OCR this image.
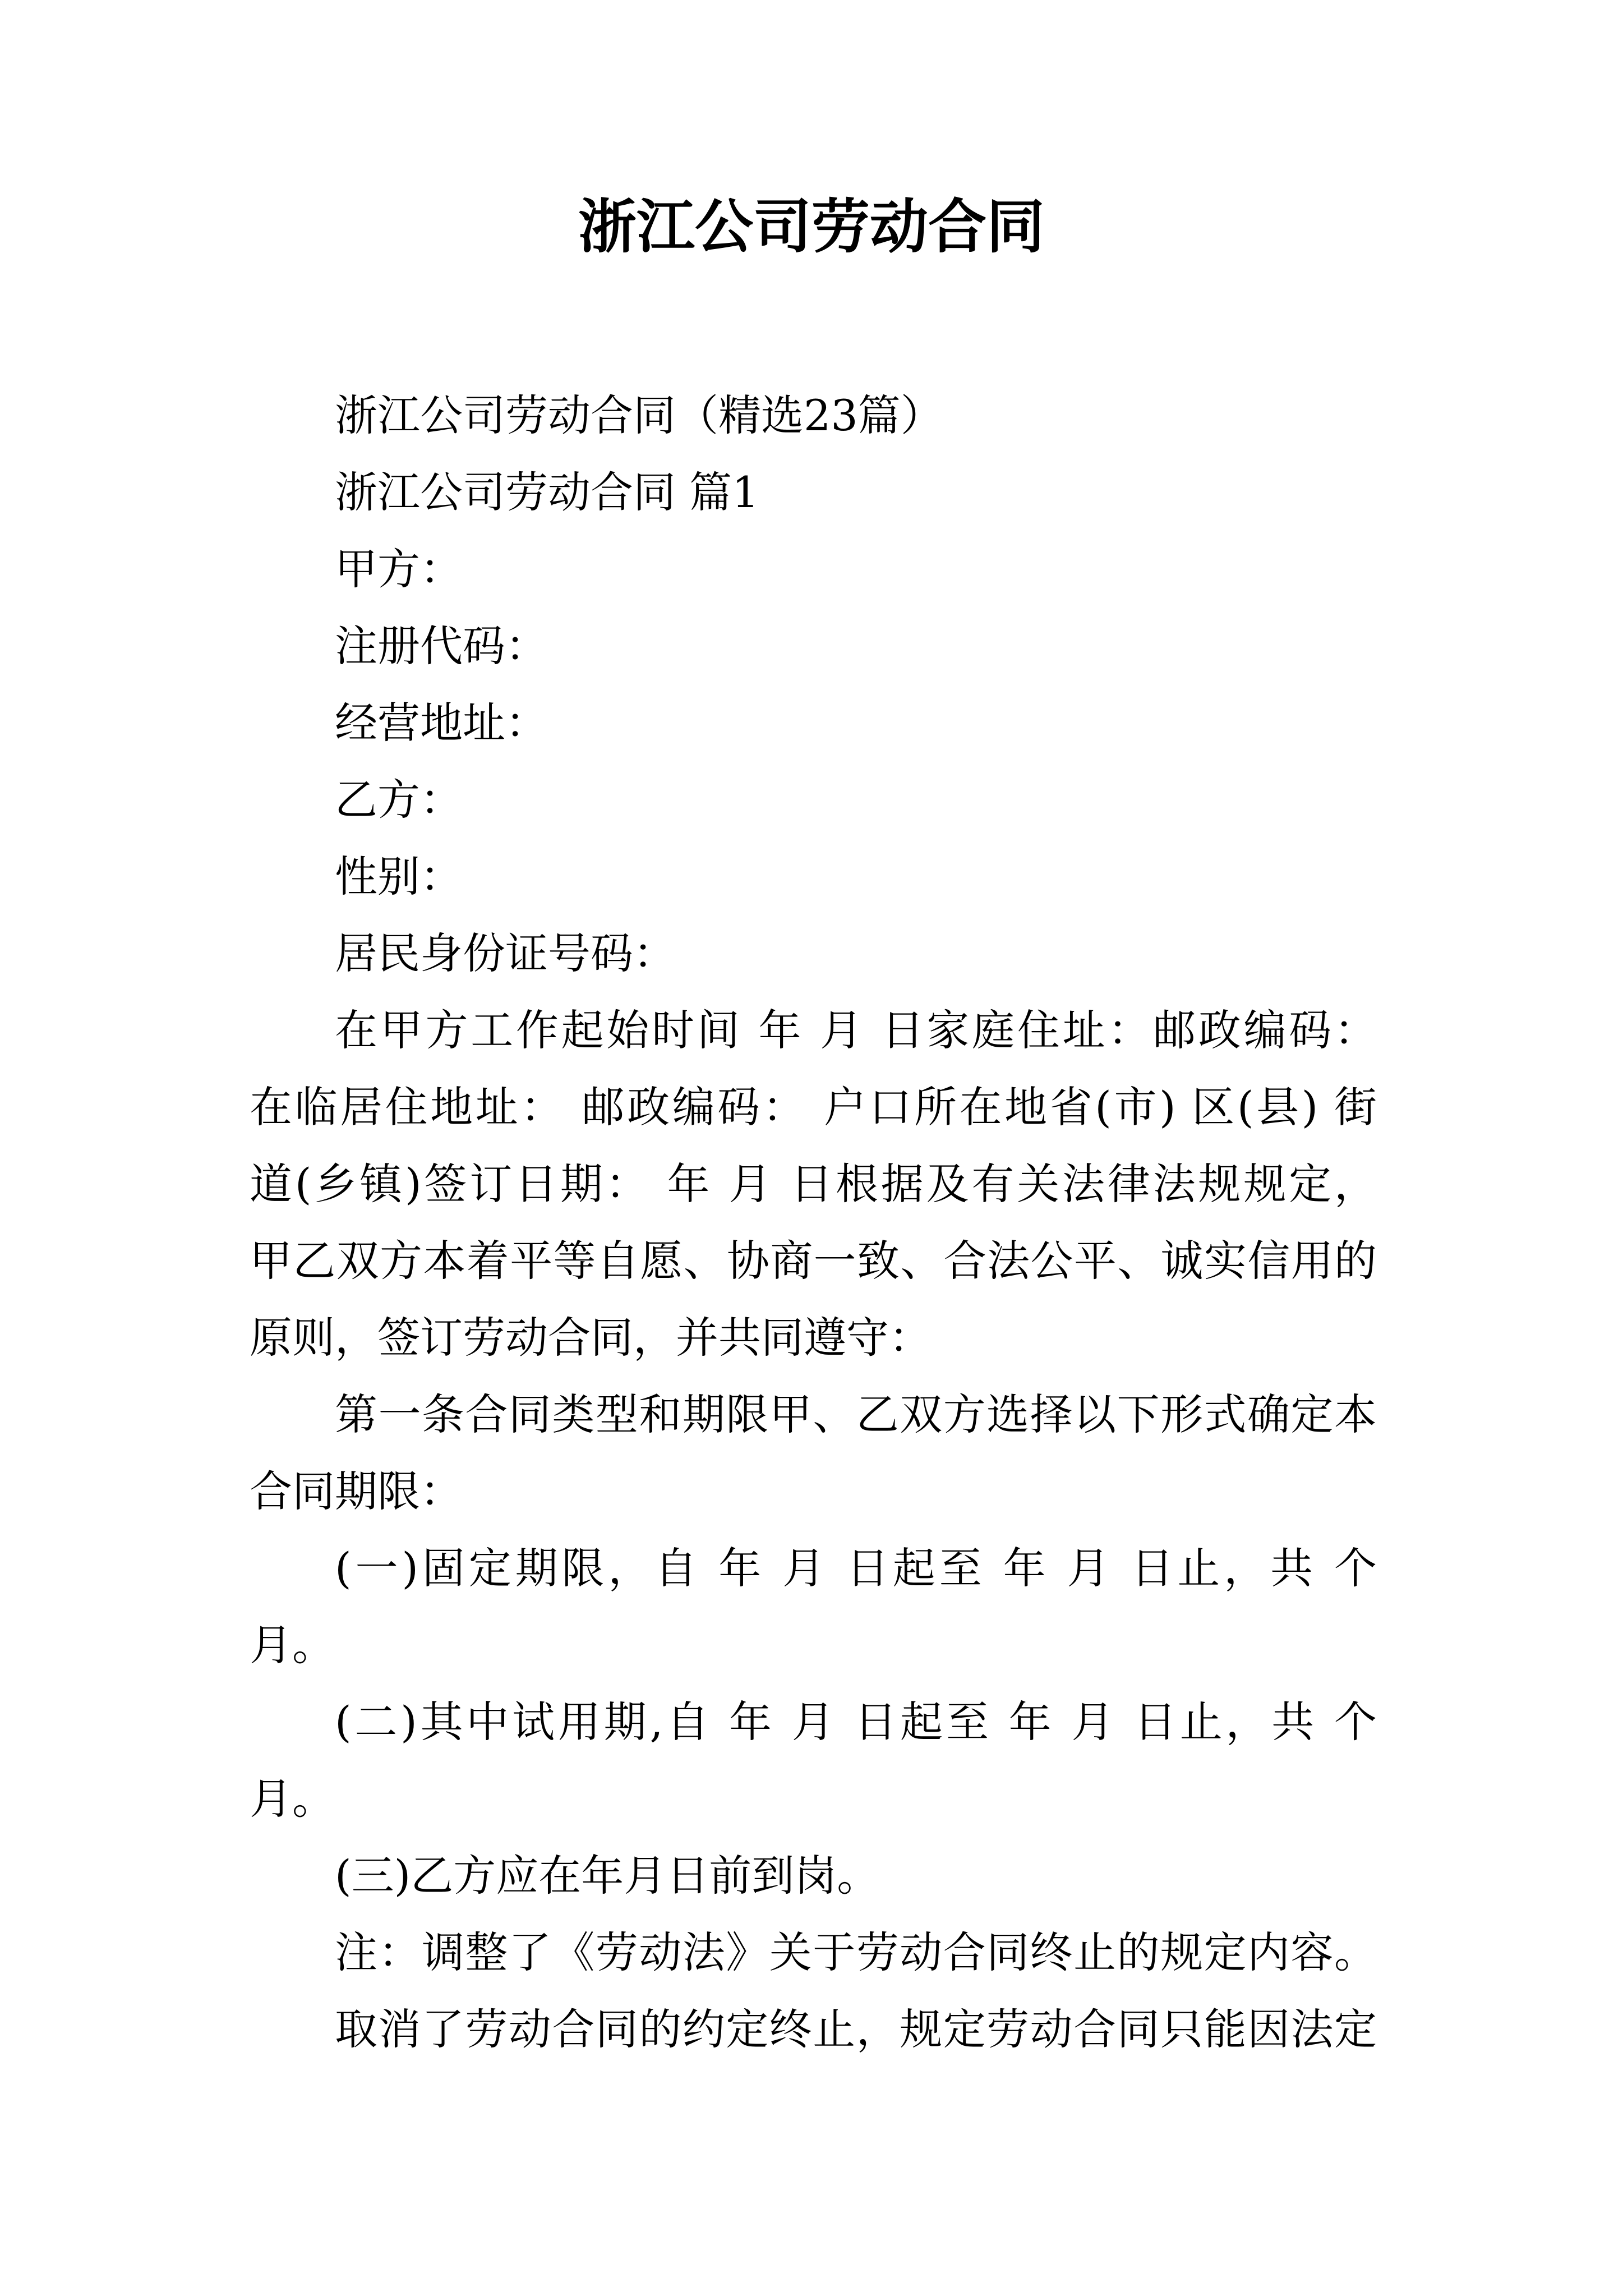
浙江公司劳动合同

浙江公司劳动合同（精选23篇）

浙江公司劳动合同 篇1

甲方：

注册代码：

经营地址：

乙方：

性别：

居民身份证号码：

在甲方工作起始时间 年 月 日家庭住址：邮政编码：

在临居住地址： 邮政编码： 户口所在地省(市) 区(县) 街

道(乡镇)签订日期： 年 月 日根据及有关法律法规规定，

甲乙双方本着平等自愿、协商一致、合法公平、诚实信用的

原则，签订劳动合同，并共同遵守：

第一条合同类型和期限甲、乙双方选择以下形式确定本

合同期限：

(一)固定期限，自 年 月 日起至 年 月 日止，共 个

月。

(二)其中试用期,自 年 月 日起至 年 月 日止，共 个

月。

(三)乙方应在年月日前到岗。

注：调整了《劳动法》关于劳动合同终止的规定内容。

取消了劳动合同的约定终止，规定劳动合同只能因法定
